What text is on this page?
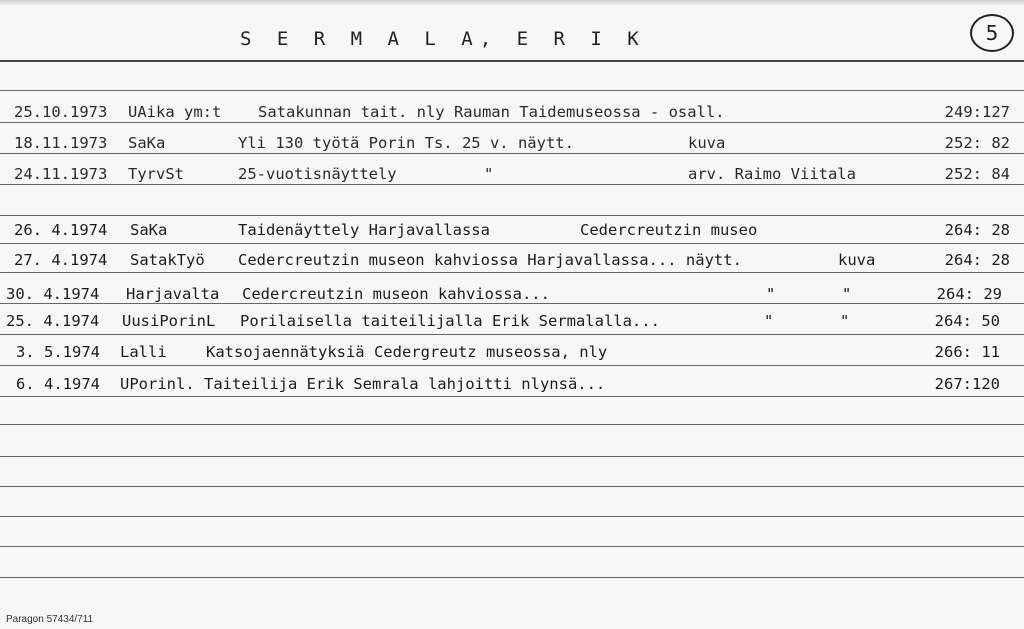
S E R M A L A, E R I K	5
25.10.1973 UAika ym:t Satakunnan tait. nly Rauman Taidemuseossa - osall.	249:127
18.11.1973 SaKa	Yli 130 työtä Porin Ts. 25 v. näytt.	kuva	252: 82
24.11.1973 TyrvSt	25-vuotisnäyttely	"	arv. Raimo Viitala	252: 84
26. 4.1974 SaKa	Taidenäyttely Harjavallassa	Cedercreutzin museo	264: 28
27. 4.1974 SatakTyö Cedercreutzin museon kahviossa Harjavallassa... näytt.	kuva	264: 28
30. 4.1974 Harjavalta Cedercreutzin museon kahviossa...	"	"	264: 29
25. 4.1974 UusiPorinL Porilaisella taiteilijalla Erik Sermalalla...	"	"	264: 50
3. 5.1974 Lalli	Katsojaennätyksiä Cedergreutz museossa, nly	266: 11
6. 4.1974 UPorinl. Taiteilija Erik Semrala lahjoitti nlynsä...	267:120
Paragon 57434/711
